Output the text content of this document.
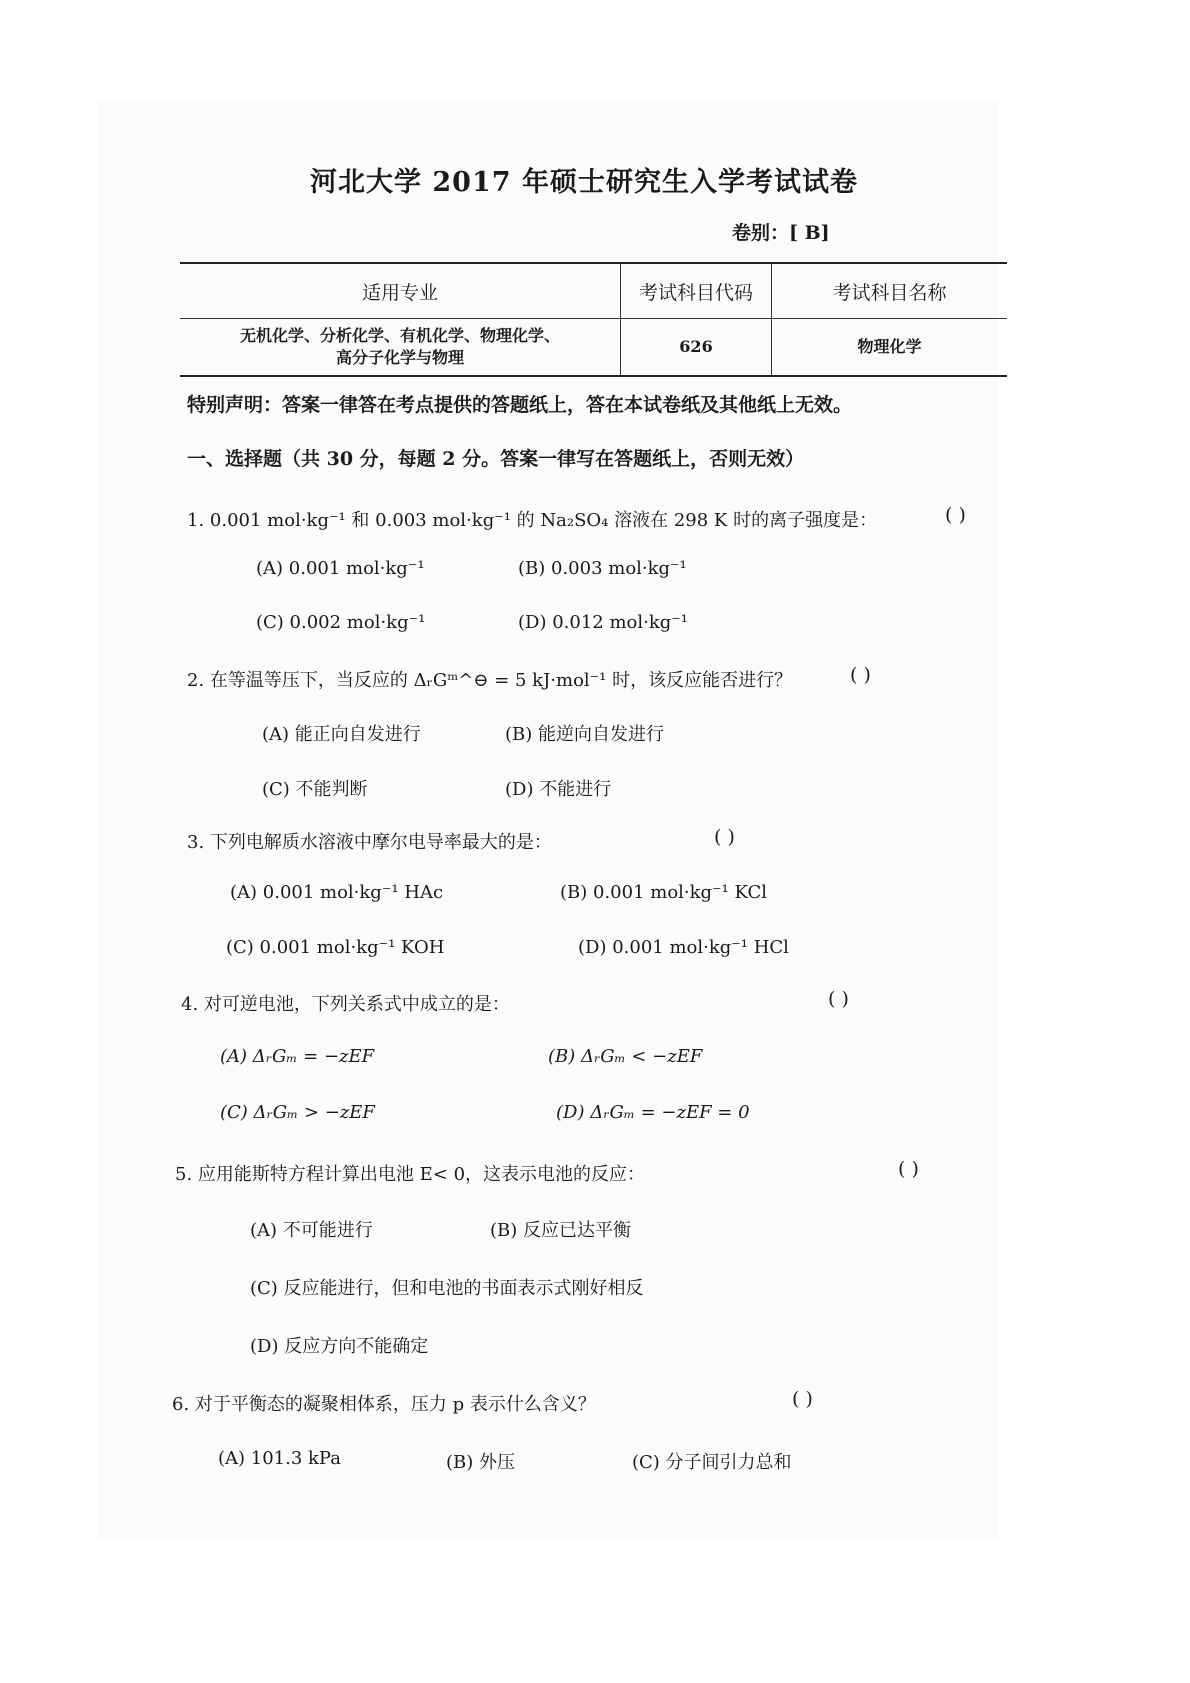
河北大学 2017 年硕士研究生入学考试试卷
卷别：[ B]
适用专业	考试科目代码	考试科目名称

无机化学、分析化学、有机化学、物理化学、
高分子化学与物理	626	物理化学
特别声明：答案一律答在考点提供的答题纸上，答在本试卷纸及其他纸上无效。
一、选择题（共 30 分，每题 2 分。答案一律写在答题纸上，否则无效）
1. 0.001 mol·kg⁻¹ 和 0.003 mol·kg⁻¹ 的 Na₂SO₄ 溶液在 298 K 时的离子强度是：	( )
(A) 0.001 mol·kg⁻¹	(B) 0.003 mol·kg⁻¹
(C) 0.002 mol·kg⁻¹	(D) 0.012 mol·kg⁻¹
2. 在等温等压下，当反应的 ΔᵣGᵐ^⊖ = 5 kJ·mol⁻¹ 时，该反应能否进行？	( )
(A) 能正向自发进行	(B) 能逆向自发进行
(C) 不能判断	(D) 不能进行
3. 下列电解质水溶液中摩尔电导率最大的是：	( )
(A) 0.001 mol·kg⁻¹ HAc	(B) 0.001 mol·kg⁻¹ KCl
(C) 0.001 mol·kg⁻¹ KOH	(D) 0.001 mol·kg⁻¹ HCl
4. 对可逆电池，下列关系式中成立的是：	( )
(A) ΔᵣGₘ = −zEF	(B) ΔᵣGₘ < −zEF
(C) ΔᵣGₘ > −zEF	(D) ΔᵣGₘ = −zEF = 0
5. 应用能斯特方程计算出电池 E< 0，这表示电池的反应：	( )
(A) 不可能进行	(B) 反应已达平衡
(C) 反应能进行，但和电池的书面表示式刚好相反
(D) 反应方向不能确定
6. 对于平衡态的凝聚相体系，压力 p 表示什么含义？	( )
(A) 101.3 kPa	(B) 外压	(C) 分子间引力总和
